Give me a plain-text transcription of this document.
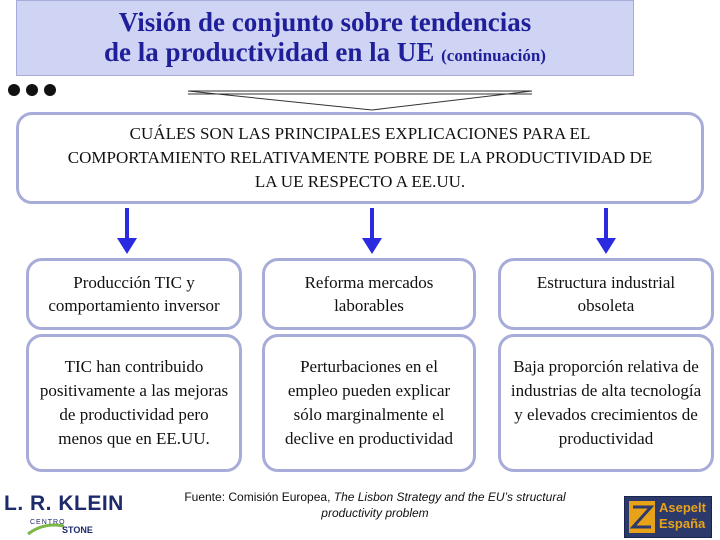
Visión de conjunto sobre tendencias
de la productividad en la UE (continuación)
CUÁLES SON LAS PRINCIPALES EXPLICACIONES PARA EL COMPORTAMIENTO RELATIVAMENTE POBRE DE LA PRODUCTIVIDAD DE LA UE RESPECTO A EE.UU.
Producción TIC y comportamiento inversor
Reforma mercados laborables
Estructura industrial obsoleta
TIC han contribuido positivamente a las mejoras de productividad pero menos que en EE.UU.
Perturbaciones en el empleo pueden explicar sólo marginalmente el declive en productividad
Baja proporción relativa de industrias de alta tecnología y elevados crecimientos de productividad
L. R. KLEIN
CENTRO
STONE
Fuente: Comisión Europea, The Lisbon Strategy and the EU’s structural productivity problem	Asepelt
España
